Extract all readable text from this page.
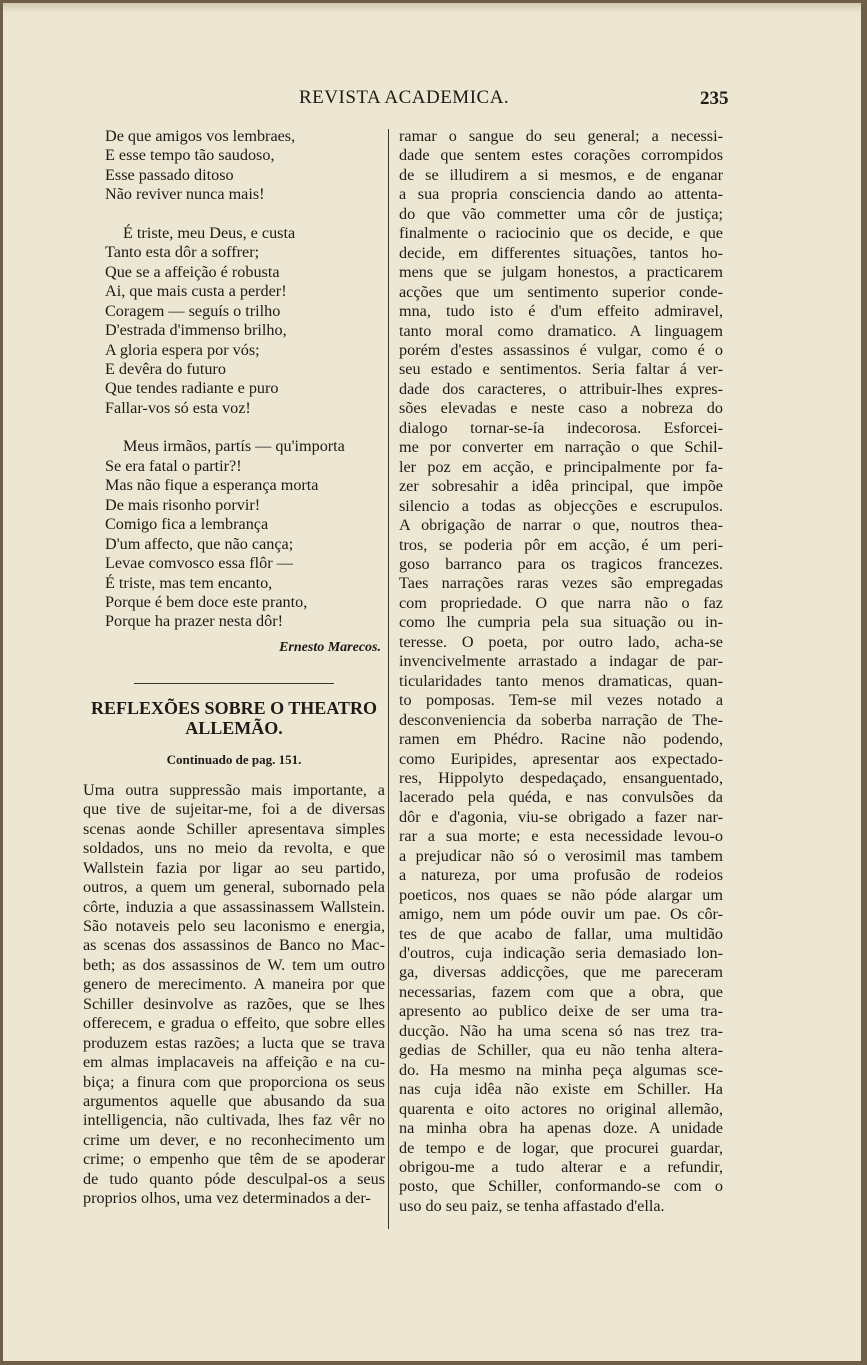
REVISTA ACADEMICA.	235
De que amigos vos lembraes,
E esse tempo tão saudoso,
Esse passado ditoso
Não reviver nunca mais!
É triste, meu Deus, e custa
Tanto esta dôr a soffrer;
Que se a affeição é robusta
Ai, que mais custa a perder!
Coragem — seguís o trilho
D'estrada d'immenso brilho,
A gloria espera por vós;
E devêra do futuro
Que tendes radiante e puro
Fallar-vos só esta voz!
Meus irmãos, partís — qu'importa
Se era fatal o partir?!
Mas não fique a esperança morta
De mais risonho porvir!
Comigo fica a lembrança
D'um affecto, que não cança;
Levae comvosco essa flôr —
É triste, mas tem encanto,
Porque é bem doce este pranto,
Porque ha prazer nesta dôr!
Ernesto Marecos.
REFLEXÕES SOBRE O THEATRO
ALLEMÃO.
Continuado de pag. 151.
Uma outra suppressão mais importante, a
que tive de sujeitar-me, foi a de diversas
scenas aonde Schiller apresentava simples
soldados, uns no meio da revolta, e que
Wallstein fazia por ligar ao seu partido,
outros, a quem um general, subornado pela
côrte, induzia a que assassinassem Wallstein.
São notaveis pelo seu laconismo e energia,
as scenas dos assassinos de Banco no Mac-
beth; as dos assassinos de W. tem um outro
genero de merecimento. A maneira por que
Schiller desinvolve as razões, que se lhes
offerecem, e gradua o effeito, que sobre elles
produzem estas razões; a lucta que se trava
em almas implacaveis na affeição e na cu-
biça; a finura com que proporciona os seus
argumentos aquelle que abusando da sua
intelligencia, não cultivada, lhes faz vêr no
crime um dever, e no reconhecimento um
crime; o empenho que têm de se apoderar
de tudo quanto póde desculpal-os a seus
proprios olhos, uma vez determinados a der-
ramar o sangue do seu general; a necessi-
dade que sentem estes corações corrompidos
de se illudirem a si mesmos, e de enganar
a sua propria consciencia dando ao attenta-
do que vão commetter uma côr de justiça;
finalmente o raciocinio que os decide, e que
decide, em differentes situações, tantos ho-
mens que se julgam honestos, a practicarem
acções que um sentimento superior conde-
mna, tudo isto é d'um effeito admiravel,
tanto moral como dramatico. A linguagem
porém d'estes assassinos é vulgar, como é o
seu estado e sentimentos. Seria faltar á ver-
dade dos caracteres, o attribuir-lhes expres-
sões elevadas e neste caso a nobreza do
dialogo tornar-se-ía indecorosa. Esforcei-
me por converter em narração o que Schil-
ler poz em acção, e principalmente por fa-
zer sobresahir a idêa principal, que impõe
silencio a todas as objecções e escrupulos.
A obrigação de narrar o que, noutros thea-
tros, se poderia pôr em acção, é um peri-
goso barranco para os tragicos francezes.
Taes narrações raras vezes são empregadas
com propriedade. O que narra não o faz
como lhe cumpria pela sua situação ou in-
teresse. O poeta, por outro lado, acha-se
invencivelmente arrastado a indagar de par-
ticularidades tanto menos dramaticas, quan-
to pomposas. Tem-se mil vezes notado a
desconveniencia da soberba narração de The-
ramen em Phédro. Racine não podendo,
como Euripides, apresentar aos expectado-
res, Hippolyto despedaçado, ensanguentado,
lacerado pela quéda, e nas convulsões da
dôr e d'agonia, viu-se obrigado a fazer nar-
rar a sua morte; e esta necessidade levou-o
a prejudicar não só o verosimil mas tambem
a natureza, por uma profusão de rodeios
poeticos, nos quaes se não póde alargar um
amigo, nem um póde ouvir um pae. Os côr-
tes de que acabo de fallar, uma multidão
d'outros, cuja indicação seria demasiado lon-
ga, diversas addicções, que me pareceram
necessarias, fazem com que a obra, que
apresento ao publico deixe de ser uma tra-
ducção. Não ha uma scena só nas trez tra-
gedias de Schiller, qua eu não tenha altera-
do. Ha mesmo na minha peça algumas sce-
nas cuja idêa não existe em Schiller. Ha
quarenta e oito actores no original allemão,
na minha obra ha apenas doze. A unidade
de tempo e de logar, que procurei guardar,
obrigou-me a tudo alterar e a refundir,
posto, que Schiller, conformando-se com o
uso do seu paiz, se tenha affastado d'ella.
